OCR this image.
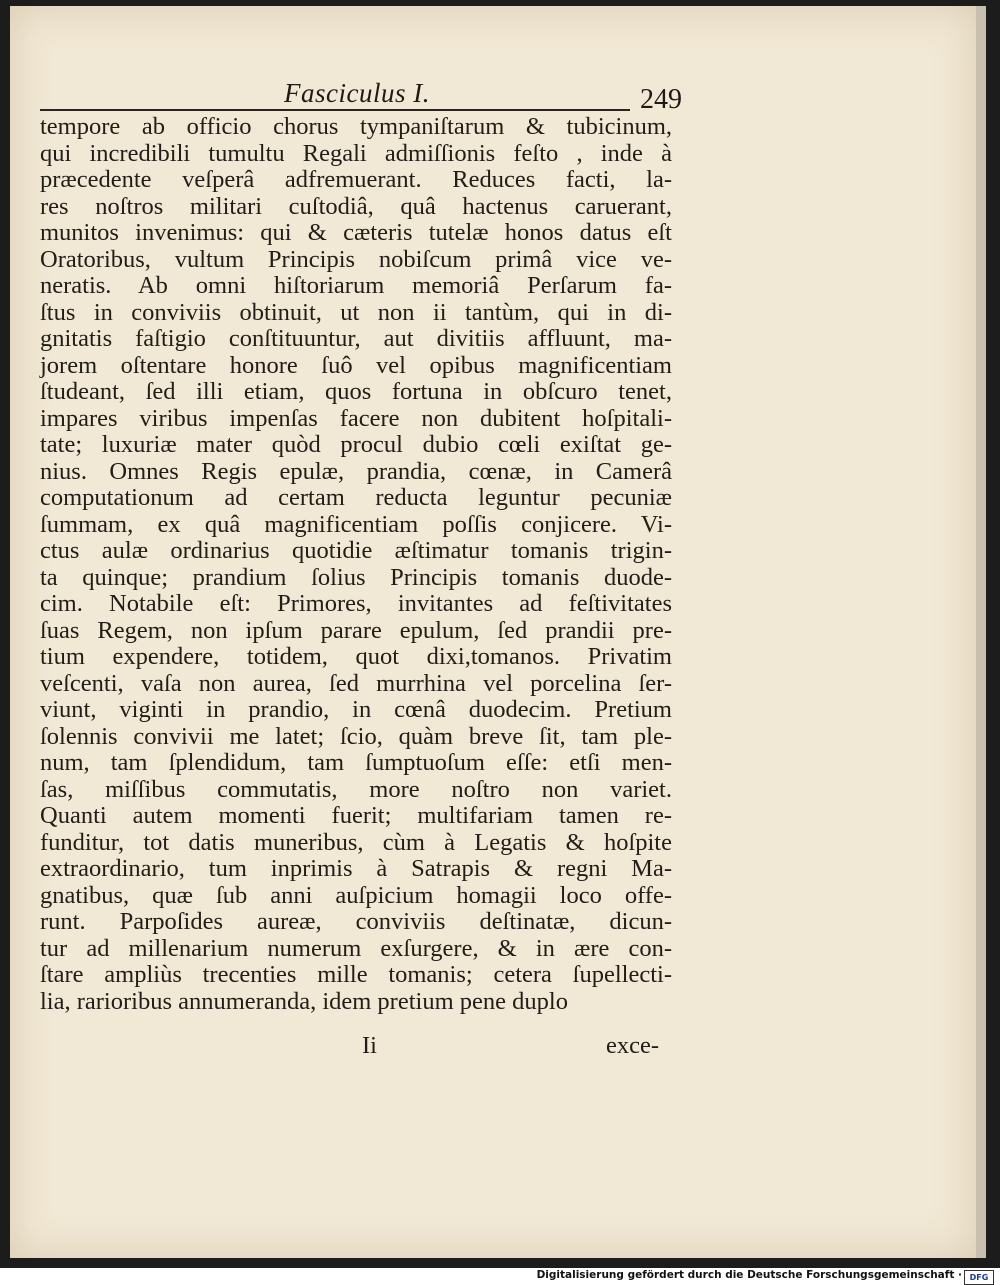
Fasciculus I.	249
tempore ab officio chorus tympaniſtarum & tubicinum,
qui incredibili tumultu Regali admiſſionis feſto , inde à
præcedente veſperâ adfremuerant. Reduces facti, la-
res noſtros militari cuſtodiâ, quâ hactenus caruerant,
munitos invenimus: qui & cæteris tutelæ honos datus eſt
Oratoribus, vultum Principis nobiſcum primâ vice ve-
neratis. Ab omni hiſtoriarum memoriâ Perſarum fa-
ſtus in conviviis obtinuit, ut non ii tantùm, qui in di-
gnitatis faſtigio conſtituuntur, aut divitiis affluunt, ma-
jorem oſtentare honore ſuô vel opibus magnificentiam
ſtudeant, ſed illi etiam, quos fortuna in obſcuro tenet,
impares viribus impenſas facere non dubitent hoſpitali-
tate; luxuriæ mater quòd procul dubio cœli exiſtat ge-
nius. Omnes Regis epulæ, prandia, cœnæ, in Camerâ
computationum ad certam reducta leguntur pecuniæ
ſummam, ex quâ magnificentiam poſſis conjicere. Vi-
ctus aulæ ordinarius quotidie æſtimatur tomanis trigin-
ta quinque; prandium ſolius Principis tomanis duode-
cim. Notabile eſt: Primores, invitantes ad feſtivitates
ſuas Regem, non ipſum parare epulum, ſed prandii pre-
tium expendere, totidem, quot dixi,tomanos. Privatim
veſcenti, vaſa non aurea, ſed murrhina vel porcelina ſer-
viunt, viginti in prandio, in cœnâ duodecim. Pretium
ſolennis convivii me latet; ſcio, quàm breve ſit, tam ple-
num, tam ſplendidum, tam ſumptuoſum eſſe: etſi men-
ſas, miſſibus commutatis, more noſtro non variet.
Quanti autem momenti fuerit; multifariam tamen re-
funditur, tot datis muneribus, cùm à Legatis & hoſpite
extraordinario, tum inprimis à Satrapis & regni Ma-
gnatibus, quæ ſub anni auſpicium homagii loco offe-
runt. Parpoſides aureæ, conviviis deſtinatæ, dicun-
tur ad millenarium numerum exſurgere, & in ære con-
ſtare ampliùs trecenties mille tomanis; cetera ſupellecti-
lia, rarioribus annumeranda, idem pretium pene duplo
Ii	exce-
Digitalisierung gefördert durch die Deutsche Forschungsgemeinschaft · DFG
